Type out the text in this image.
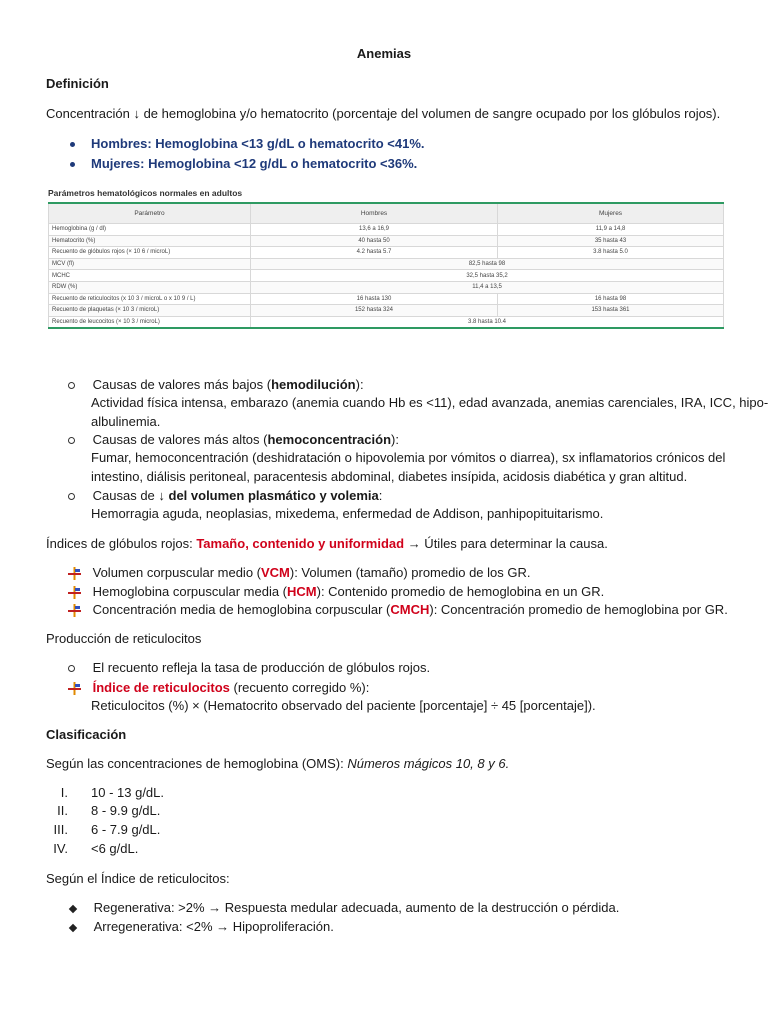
Anemias
Definición
Concentración ↓ de hemoglobina y/o hematocrito (porcentaje del volumen de sangre ocupado por los glóbulos rojos).
Hombres: Hemoglobina <13 g/dL o hematocrito <41%.
Mujeres: Hemoglobina <12 g/dL o hematocrito <36%.
Parámetros hematológicos normales en adultos
Parámetro	Hombres	Mujeres
Hemoglobina (g / dl)	13,6 a 16,9	11,9 a 14,8
Hematocrito (%)	40 hasta 50	35 hasta 43
Recuento de glóbulos rojos (× 10 6 / microL)	4.2 hasta 5.7	3.8 hasta 5.0
MCV (fl)	82,5 hasta 98	
MCHC	32,5 hasta 35,2	
RDW (%)	11,4 a 13,5	
Recuento de reticulocitos (x 10 3 / microL o x 10 9 / L)	16 hasta 130	16 hasta 98
Recuento de plaquetas (× 10 3 / microL)	152 hasta 324	153 hasta 361
Recuento de leucocitos (× 10 3 / microL)	3.8 hasta 10.4	
Causas de valores más bajos (hemodilución):
Actividad física intensa, embarazo (anemia cuando Hb es <11), edad avanzada, anemias carenciales, IRA, ICC, hipo-
albulinemia.
Causas de valores más altos (hemoconcentración):
Fumar, hemoconcentración (deshidratación o hipovolemia por vómitos o diarrea), sx inflamatorios crónicos del
intestino, diálisis peritoneal, paracentesis abdominal, diabetes insípida, acidosis diabética y gran altitud.
Causas de ↓ del volumen plasmático y volemia:
Hemorragia aguda, neoplasias, mixedema, enfermedad de Addison, panhipopituitarismo.
Índices de glóbulos rojos: Tamaño, contenido y uniformidad → Útiles para determinar la causa.
Volumen corpuscular medio (VCM): Volumen (tamaño) promedio de los GR.
Hemoglobina corpuscular media (HCM): Contenido promedio de hemoglobina en un GR.
Concentración media de hemoglobina corpuscular (CMCH): Concentración promedio de hemoglobina por GR.
Producción de reticulocitos
El recuento refleja la tasa de producción de glóbulos rojos.
Índice de reticulocitos (recuento corregido %):
Reticulocitos (%) × (Hematocrito observado del paciente [porcentaje] ÷ 45 [porcentaje]).
Clasificación
Según las concentraciones de hemoglobina (OMS): Números mágicos 10, 8 y 6.
I. 10 - 13 g/dL.
II. 8 - 9.9 g/dL.
III. 6 - 7.9 g/dL.
IV. <6 g/dL.
Según el Índice de reticulocitos:
Regenerativa: >2% → Respuesta medular adecuada, aumento de la destrucción o pérdida.
Arregenerativa: <2% → Hipoproliferación.
